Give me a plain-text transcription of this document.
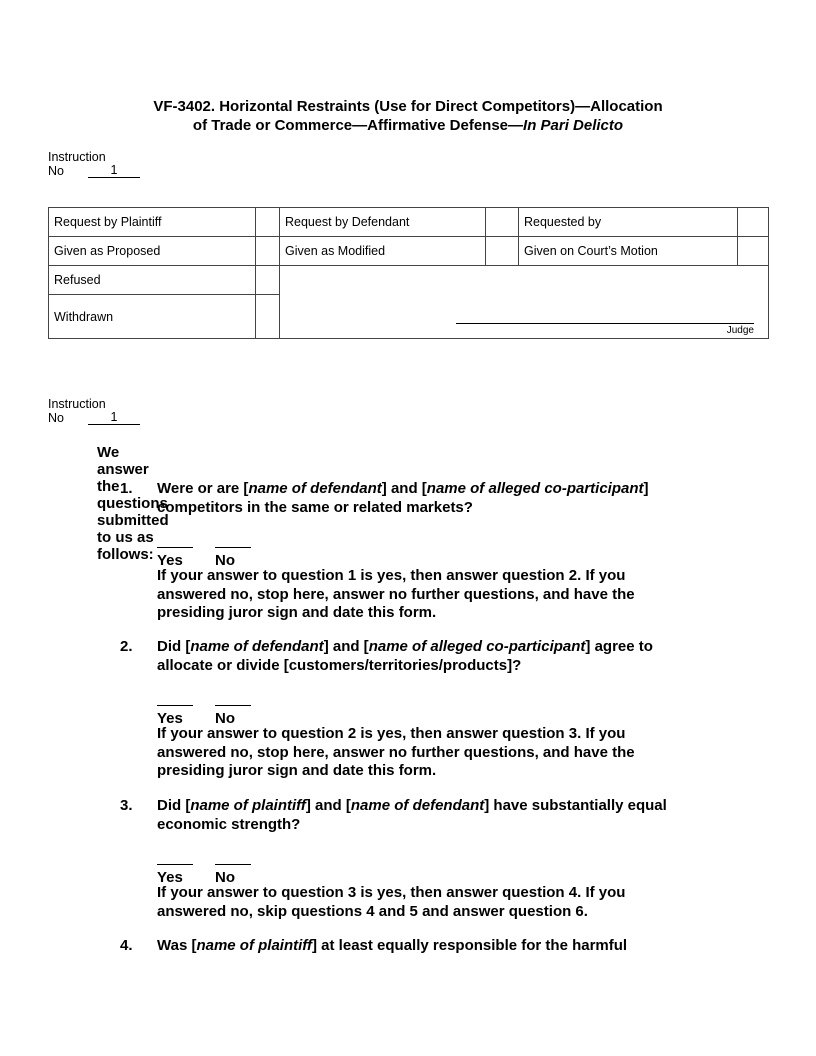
VF-3402. Horizontal Restraints (Use for Direct Competitors)—Allocation
of Trade or Commerce—Affirmative Defense—In Pari Delicto
Instruction
No	1
Request by Plaintiff		Request by Defendant		Requested by	
Given as Proposed		Given as Modified		Given on Court’s Motion	
Refused		Judge			

Withdrawn					
Instruction
No	1
We answer the questions submitted to us as follows:
1. Were or are [name of defendant] and [name of alleged co-participant]
competitors in the same or related markets?
Yes	No
If your answer to question 1 is yes, then answer question 2. If you
answered no, stop here, answer no further questions, and have the
presiding juror sign and date this form.
2. Did [name of defendant] and [name of alleged co-participant] agree to
allocate or divide [customers/territories/products]?
Yes	No
If your answer to question 2 is yes, then answer question 3. If you
answered no, stop here, answer no further questions, and have the
presiding juror sign and date this form.
3. Did [name of plaintiff] and [name of defendant] have substantially equal
economic strength?
Yes	No
If your answer to question 3 is yes, then answer question 4. If you
answered no, skip questions 4 and 5 and answer question 6.
4. Was [name of plaintiff] at least equally responsible for the harmful
